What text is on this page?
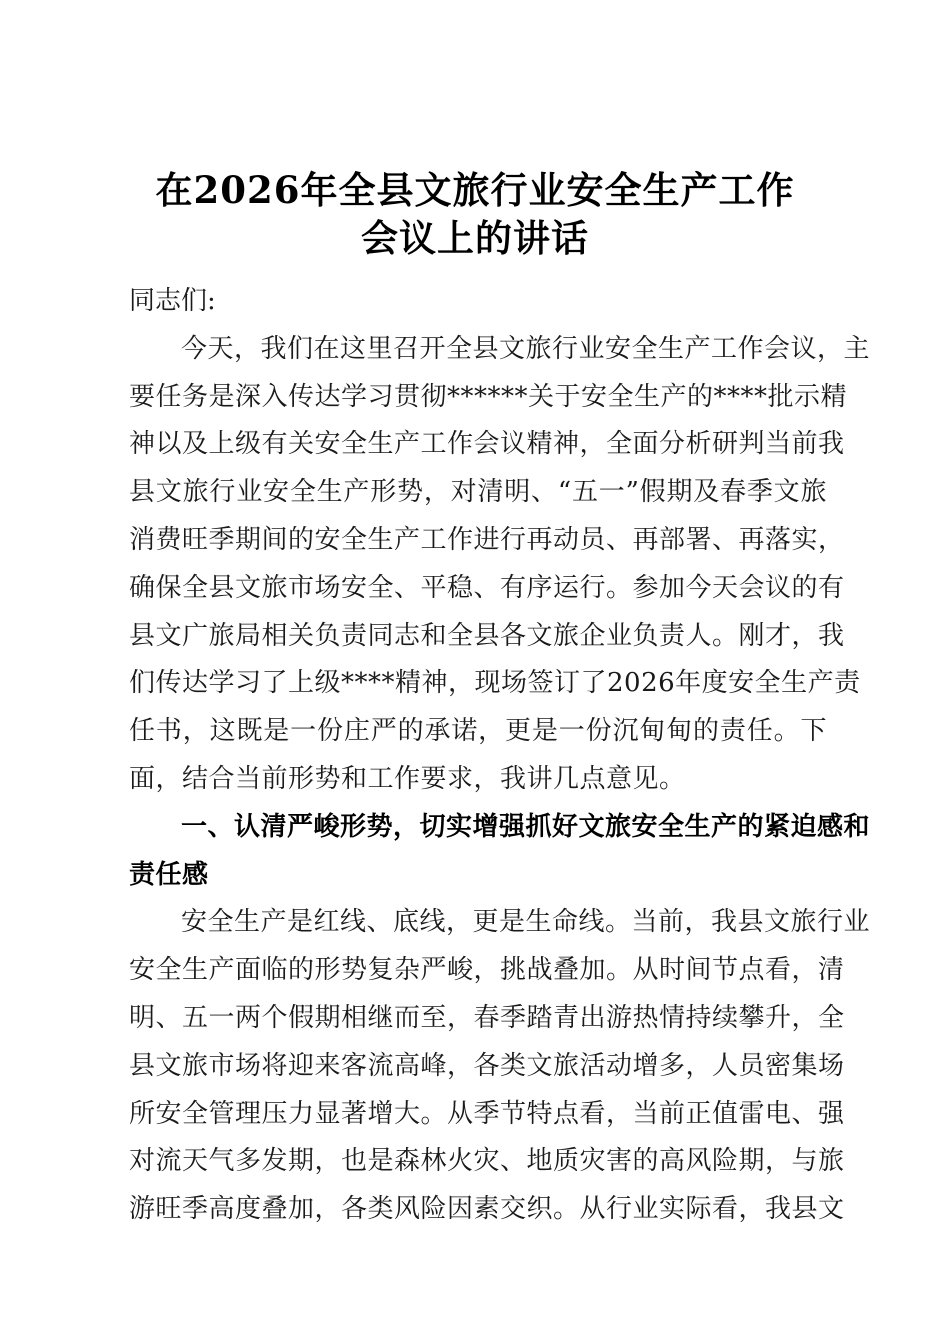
在2026年全县文旅行业安全生产工作
会议上的讲话
同志们:
今天，我们在这里召开全县文旅行业安全生产工作会议，主
要任务是深入传达学习贯彻******关于安全生产的****批示精
神以及上级有关安全生产工作会议精神，全面分析研判当前我
县文旅行业安全生产形势，对清明、“五一”假期及春季文旅
消费旺季期间的安全生产工作进行再动员、再部署、再落实，
确保全县文旅市场安全、平稳、有序运行。参加今天会议的有
县文广旅局相关负责同志和全县各文旅企业负责人。刚才，我
们传达学习了上级****精神，现场签订了2026年度安全生产责
任书，这既是一份庄严的承诺，更是一份沉甸甸的责任。下
面，结合当前形势和工作要求，我讲几点意见。
一、认清严峻形势，切实增强抓好文旅安全生产的紧迫感和
责任感
安全生产是红线、底线，更是生命线。当前，我县文旅行业
安全生产面临的形势复杂严峻，挑战叠加。从时间节点看，清
明、五一两个假期相继而至，春季踏青出游热情持续攀升，全
县文旅市场将迎来客流高峰，各类文旅活动增多，人员密集场
所安全管理压力显著增大。从季节特点看，当前正值雷电、强
对流天气多发期，也是森林火灾、地质灾害的高风险期，与旅
游旺季高度叠加，各类风险因素交织。从行业实际看，我县文
